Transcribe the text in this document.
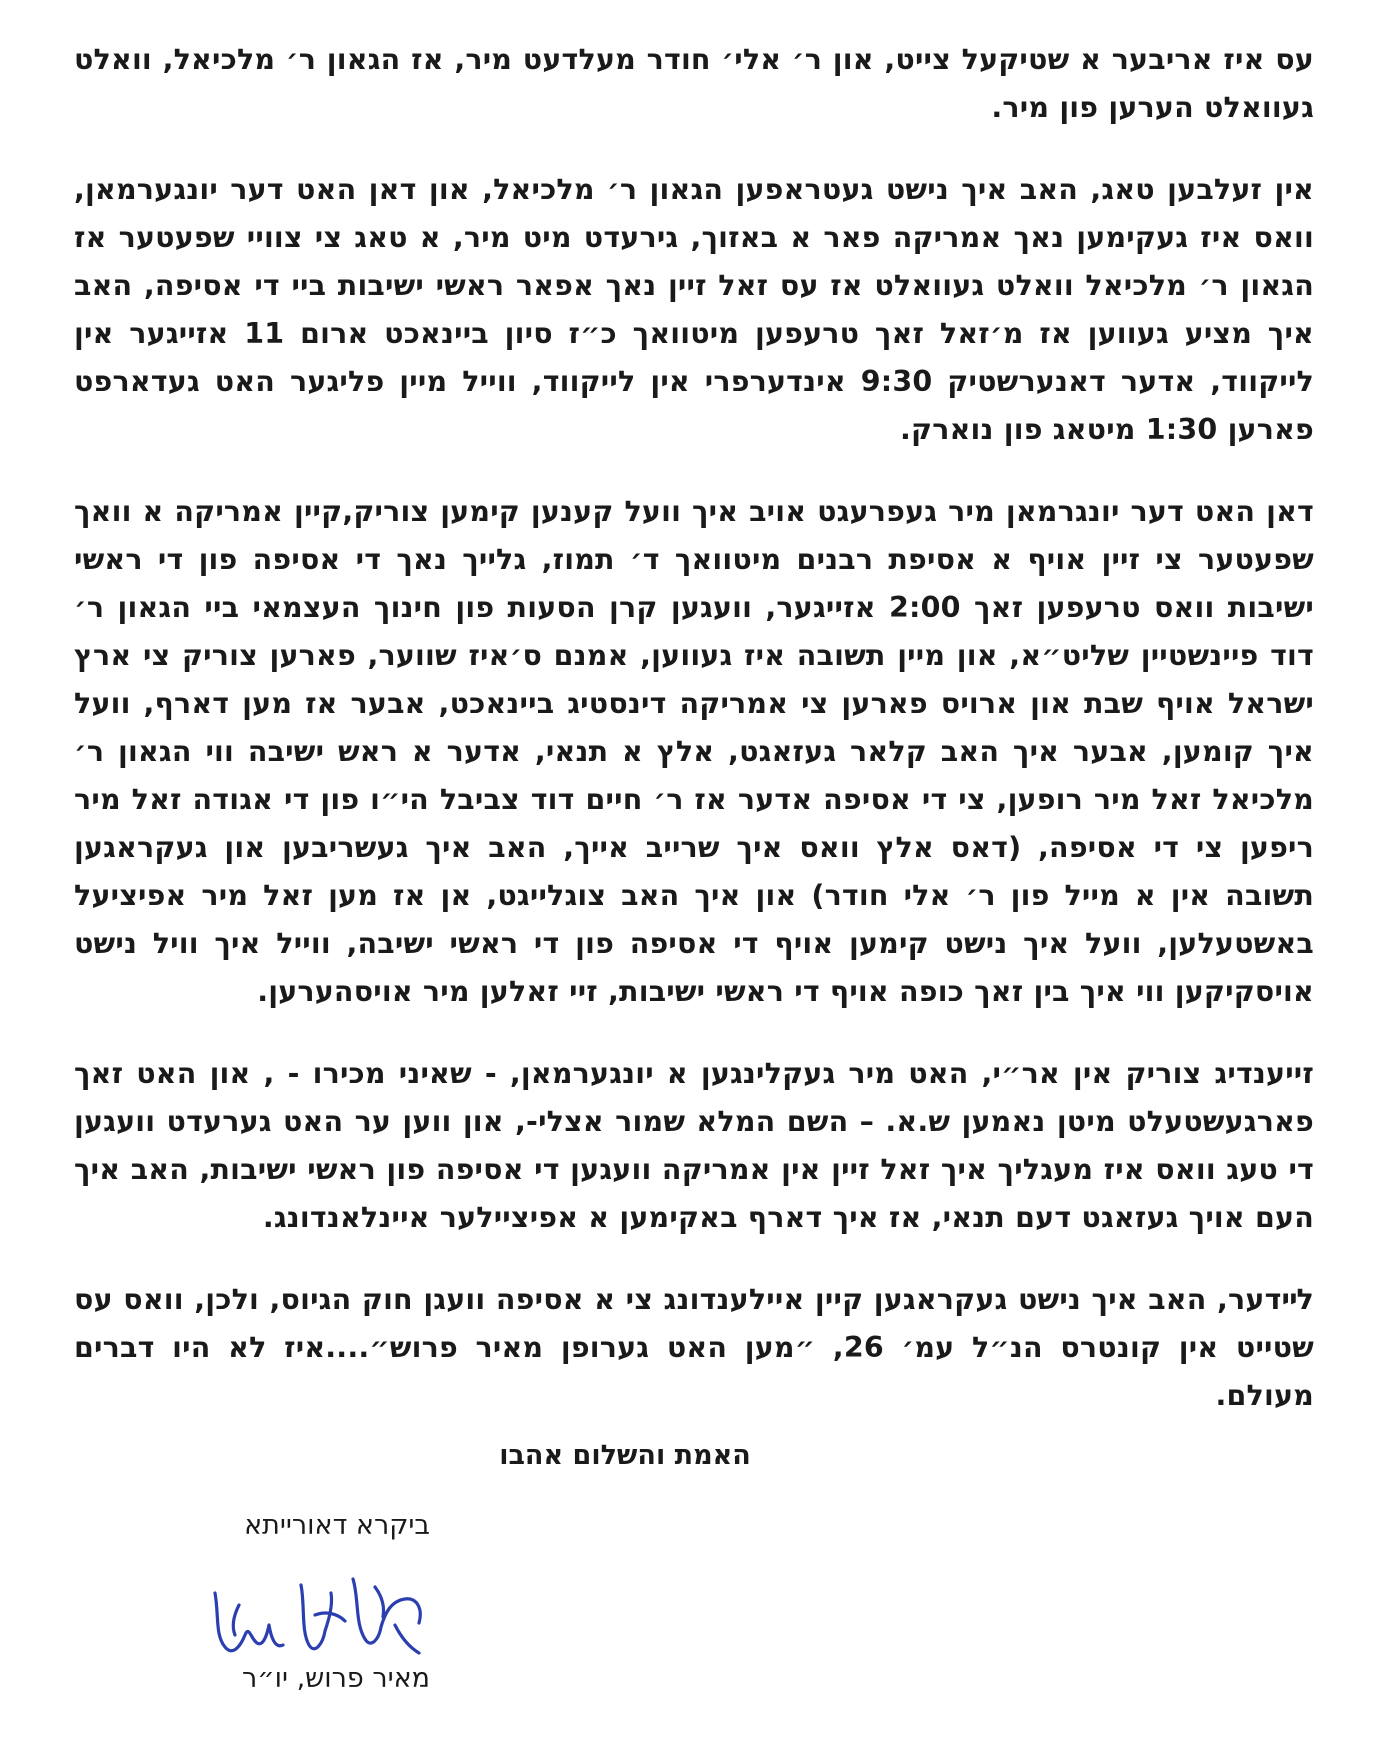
עס איז אריבער א שטיקעל צייט, און ר׳ אלי׳ חודר מעלדעט מיר, אז הגאון ר׳ מלכיאל, וואלט געוואלט הערען פון מיר.

אין זעלבען טאג, האב איך נישט געטראפען הגאון ר׳ מלכיאל, און דאן האט דער יונגערמאן, וואס איז געקימען נאך אמריקה פאר א באזוך, גירעדט מיט מיר, א טאג צי צוויי שפעטער אז הגאון ר׳ מלכיאל וואלט געוואלט אז עס זאל זיין נאך אפאר ראשי ישיבות ביי די אסיפה, האב איך מציע געווען אז מ׳זאל זאך טרעפען מיטוואך כ״ז סיון ביינאכט ארום 11 אזייגער אין לייקווד, אדער דאנערשטיק 9:30 אינדערפרי אין לייקווד, ווייל מיין פליגער האט געדארפט פארען 1:30 מיטאג פון נוארק.

דאן האט דער יונגרמאן מיר געפרעגט אויב איך וועל קענען קימען צוריק,קיין אמריקה א וואך שפעטער צי זיין אויף א אסיפת רבנים מיטוואך ד׳ תמוז, גלייך נאך די אסיפה פון די ראשי ישיבות וואס טרעפען זאך 2:00 אזייגער, וועגען קרן הסעות פון חינוך העצמאי ביי הגאון ר׳ דוד פיינשטיין שליט״א, און מיין תשובה איז געווען, אמנם ס׳איז שווער, פארען צוריק צי ארץ ישראל אויף שבת און ארויס פארען צי אמריקה דינסטיג ביינאכט, אבער אז מען דארף, וועל איך קומען, אבער איך האב קלאר געזאגט, אלץ א תנאי, אדער א ראש ישיבה ווי הגאון ר׳ מלכיאל זאל מיר רופען, צי די אסיפה אדער אז ר׳ חיים דוד צביבל הי״ו פון די אגודה זאל מיר ריפען צי די אסיפה, (דאס אלץ וואס איך שרייב אייך, האב איך געשריבען און געקראגען תשובה אין א מייל פון ר׳ אלי חודר) און איך האב צוגלייגט, אן אז מען זאל מיר אפיציעל באשטעלען, וועל איך נישט קימען אויף די אסיפה פון די ראשי ישיבה, ווייל איך וויל נישט אויסקיקען ווי איך בין זאך כופה אויף די ראשי ישיבות, זיי זאלען מיר אויסהערען.

זייענדיג צוריק אין אר״י, האט מיר געקלינגען א יונגערמאן, - שאיני מכירו - , און האט זאך פארגעשטעלט מיטן נאמען ש.א. – השם המלא שמור אצלי-, און ווען ער האט גערעדט וועגען די טעג וואס איז מעגליך איך זאל זיין אין אמריקה וועגען די אסיפה פון ראשי ישיבות, האב איך העם אויך געזאגט דעם תנאי, אז איך דארף באקימען א אפיציילער איינלאנדונג.

לײדער, האב איך נישט געקראגען קיין איילענדונג צי א אסיפה וועגן חוק הגיוס, ולכן, וואס עס שטייט אין קונטרס הנ״ל עמ׳ 26, ״מען האט גערופן מאיר פרוש״....איז לא היו דברים מעולם.

האמת והשלום אהבו
ביקרא דאורייתא
מאיר פרוש, יו״ר
